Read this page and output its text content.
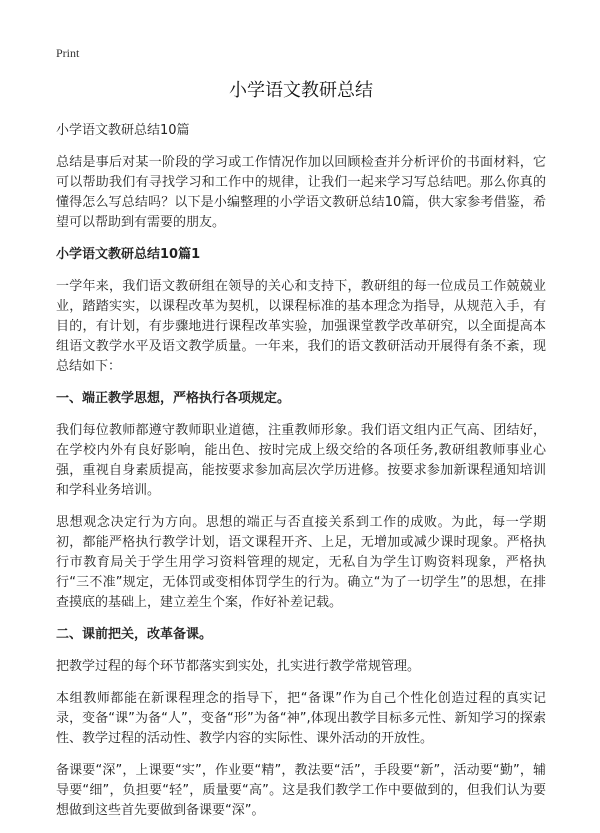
Print
小学语文教研总结

小学语文教研总结10篇

总结是事后对某一阶段的学习或工作情况作加以回顾检查并分析评价的书面材料，它可以帮助我们有寻找学习和工作中的规律，让我们一起来学习写总结吧。那么你真的懂得怎么写总结吗？以下是小编整理的小学语文教研总结10篇，供大家参考借鉴，希望可以帮助到有需要的朋友。

小学语文教研总结10篇1

一学年来，我们语文教研组在领导的关心和支持下，教研组的每一位成员工作兢兢业业，踏踏实实，以课程改革为契机，以课程标准的基本理念为指导，从规范入手，有目的，有计划，有步骤地进行课程改革实验，加强课堂教学改革研究，以全面提高本组语文教学水平及语文教学质量。一年来，我们的语文教研活动开展得有条不紊，现总结如下：

一、端正教学思想，严格执行各项规定。

我们每位教师都遵守教师职业道德，注重教师形象。我们语文组内正气高、团结好，在学校内外有良好影响，能出色、按时完成上级交给的各项任务,教研组教师事业心强，重视自身素质提高，能按要求参加高层次学历进修。按要求参加新课程通知培训和学科业务培训。

思想观念决定行为方向。思想的端正与否直接关系到工作的成败。为此，每一学期初，都能严格执行教学计划，语文课程开齐、上足，无增加或减少课时现象。严格执行市教育局关于学生用学习资料管理的规定，无私自为学生订购资料现象，严格执行“三不准”规定，无体罚或变相体罚学生的行为。确立“为了一切学生”的思想，在排查摸底的基础上，建立差生个案，作好补差记载。

二、课前把关，改革备课。

把教学过程的每个环节都落实到实处，扎实进行教学常规管理。

本组教师都能在新课程理念的指导下，把“备课”作为自己个性化创造过程的真实记录，变备“课”为备“人”，变备“形”为备“神”,体现出教学目标多元性、新知学习的探索性、教学过程的活动性、教学内容的实际性、课外活动的开放性。

备课要“深”，上课要“实”，作业要“精”，教法要“活”，手段要“新”，活动要“勤”，辅导要“细”，负担要“轻”，质量要“高”。这是我们教学工作中要做到的，但我们认为要想做到这些首先要做到备课要“深”。
